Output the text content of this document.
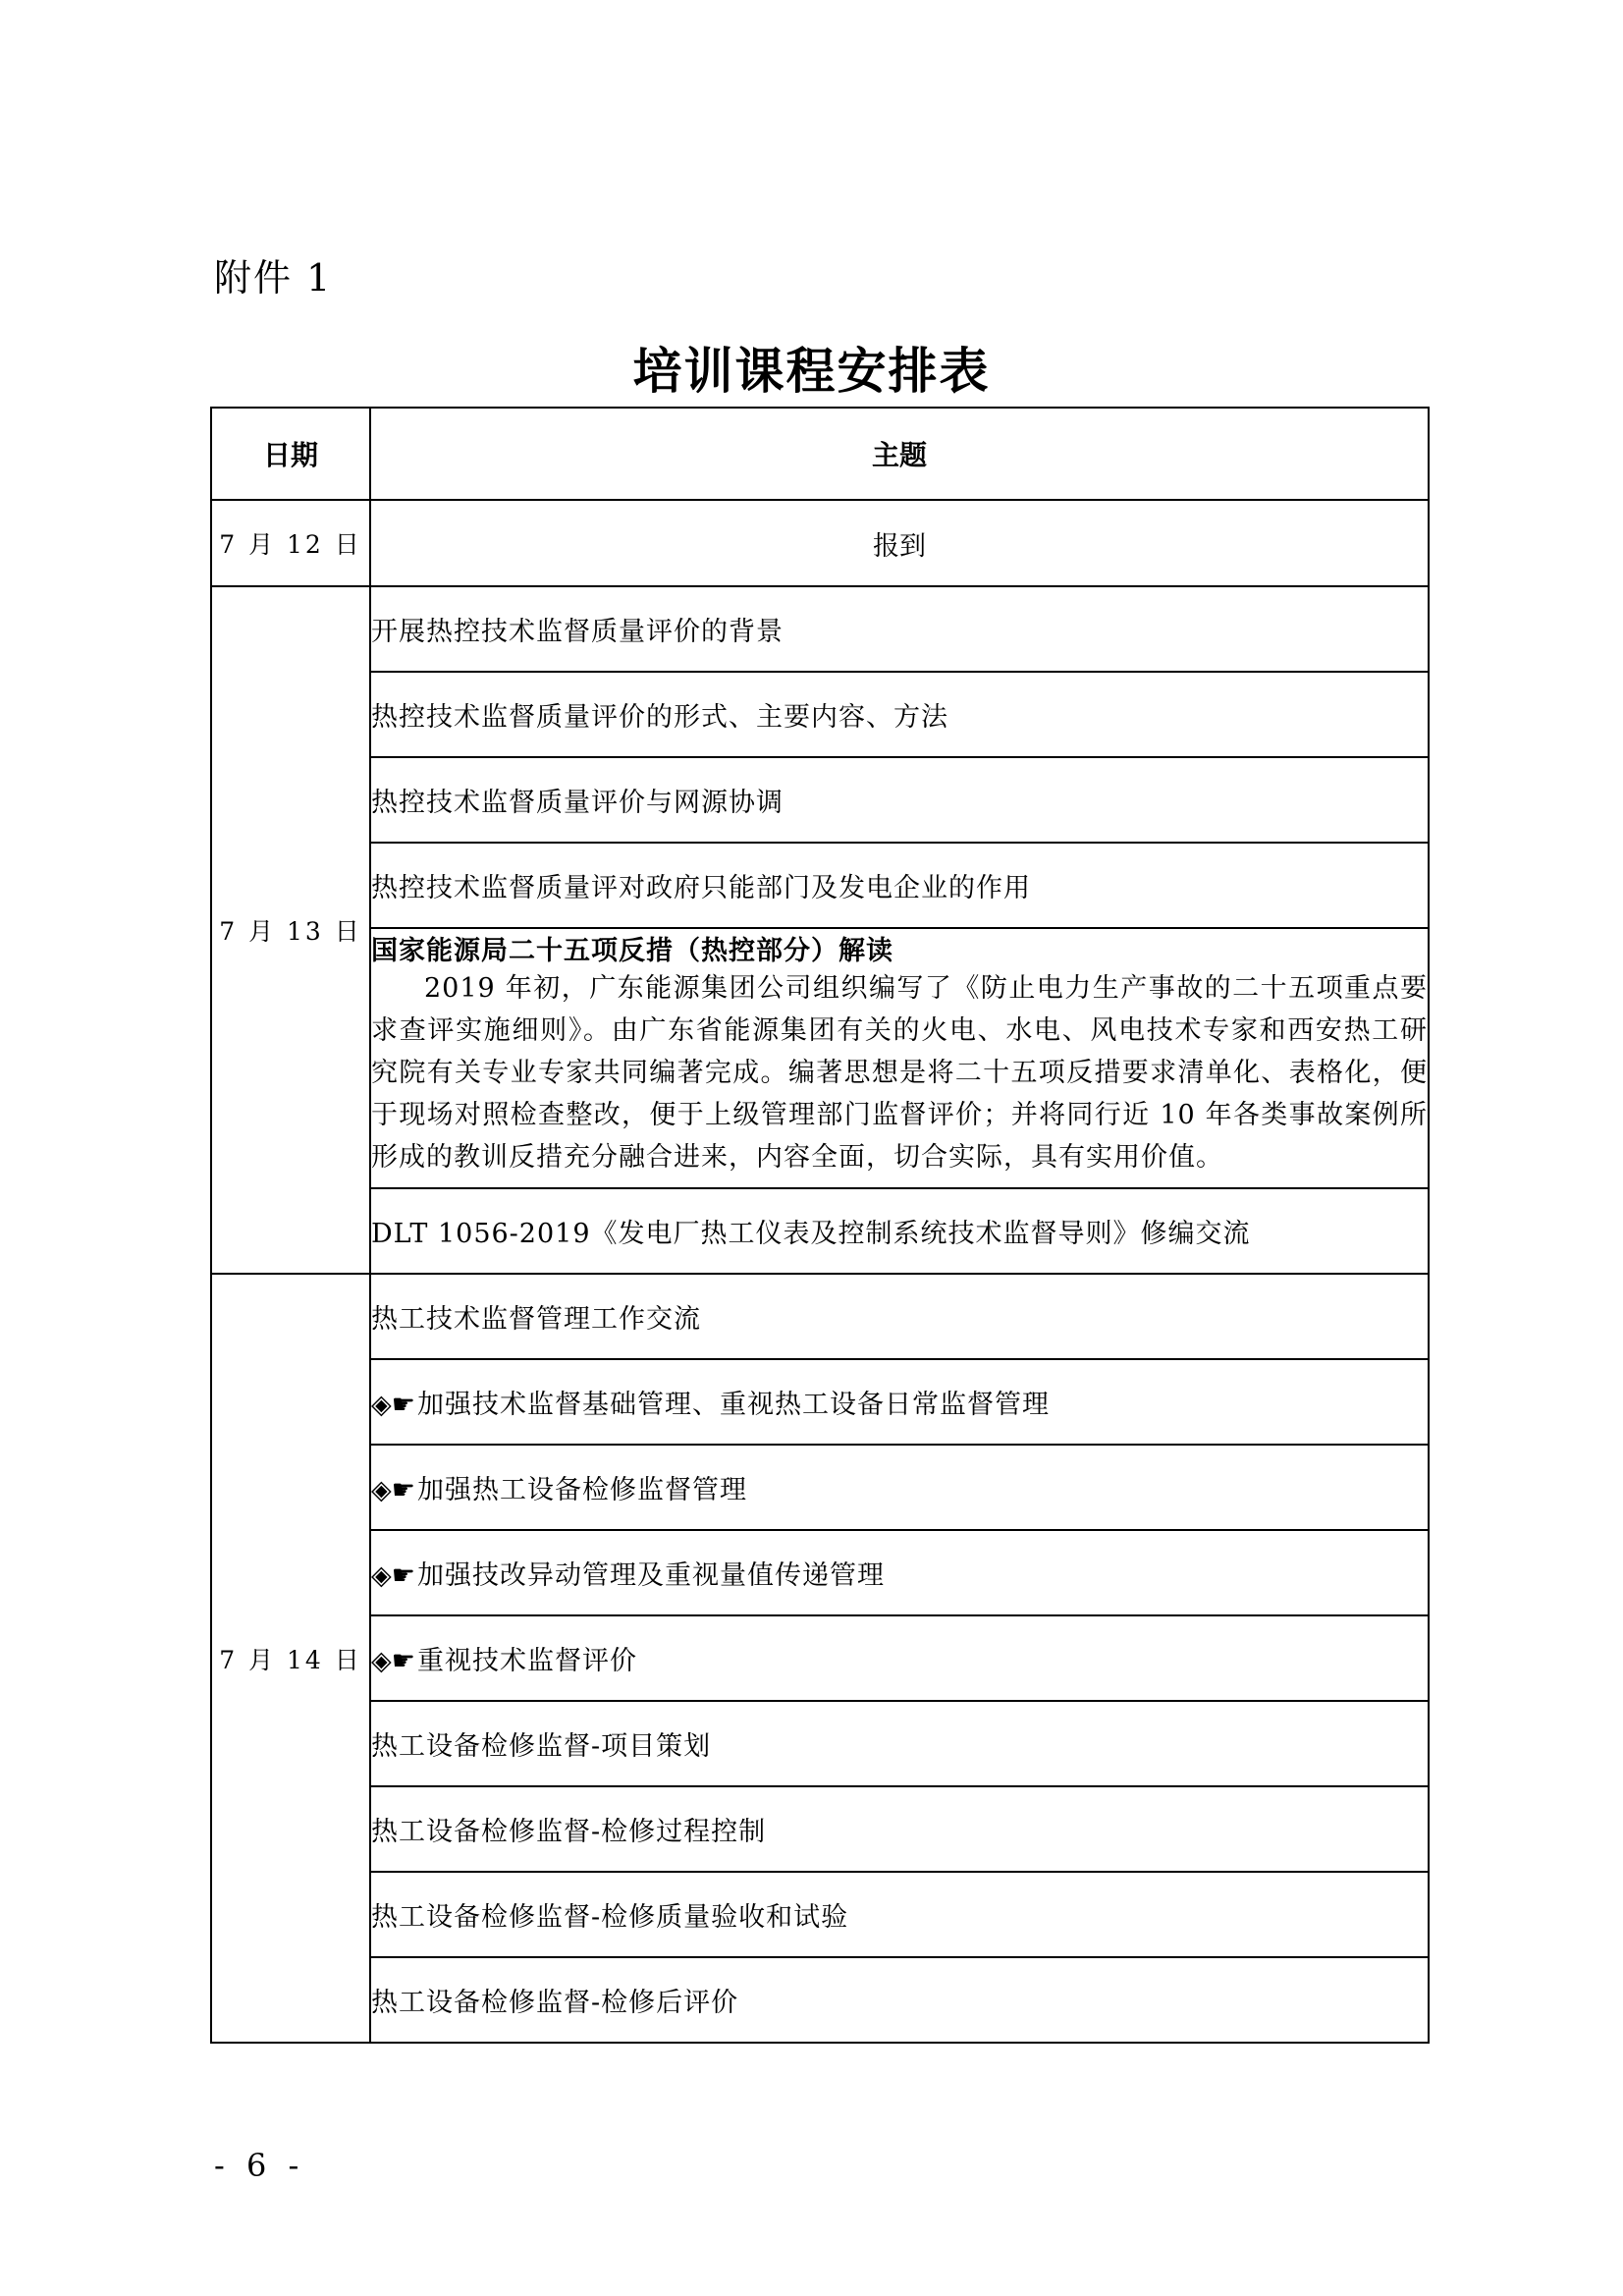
附件 1
培训课程安排表
日期	主题
7 月 12 日	报到
7 月 13 日	开展热控技术监督质量评价的背景
	热控技术监督质量评价的形式、主要内容、方法
	热控技术监督质量评价与网源协调
	热控技术监督质量评对政府只能部门及发电企业的作用

	国家能源局二十五项反措（热控部分）解读
2019 年初，广东能源集团公司组织编写了《防止电力生产事故的二十五项重点要求查评实施细则》。由广东省能源集团有关的火电、水电、风电技术专家和西安热工研究院有关专业专家共同编著完成。编著思想是将二十五项反措要求清单化、表格化，便于现场对照检查整改，便于上级管理部门监督评价；并将同行近 10 年各类事故案例所形成的教训反措充分融合进来，内容全面，切合实际，具有实用价值。

	DLT 1056-2019《发电厂热工仪表及控制系统技术监督导则》修编交流
7 月 14 日	热工技术监督管理工作交流
	◈☛加强技术监督基础管理、重视热工设备日常监督管理
	◈☛加强热工设备检修监督管理
	◈☛加强技改异动管理及重视量值传递管理
	◈☛重视技术监督评价
	热工设备检修监督-项目策划
	热工设备检修监督-检修过程控制
	热工设备检修监督-检修质量验收和试验
	热工设备检修监督-检修后评价
- 6 -
